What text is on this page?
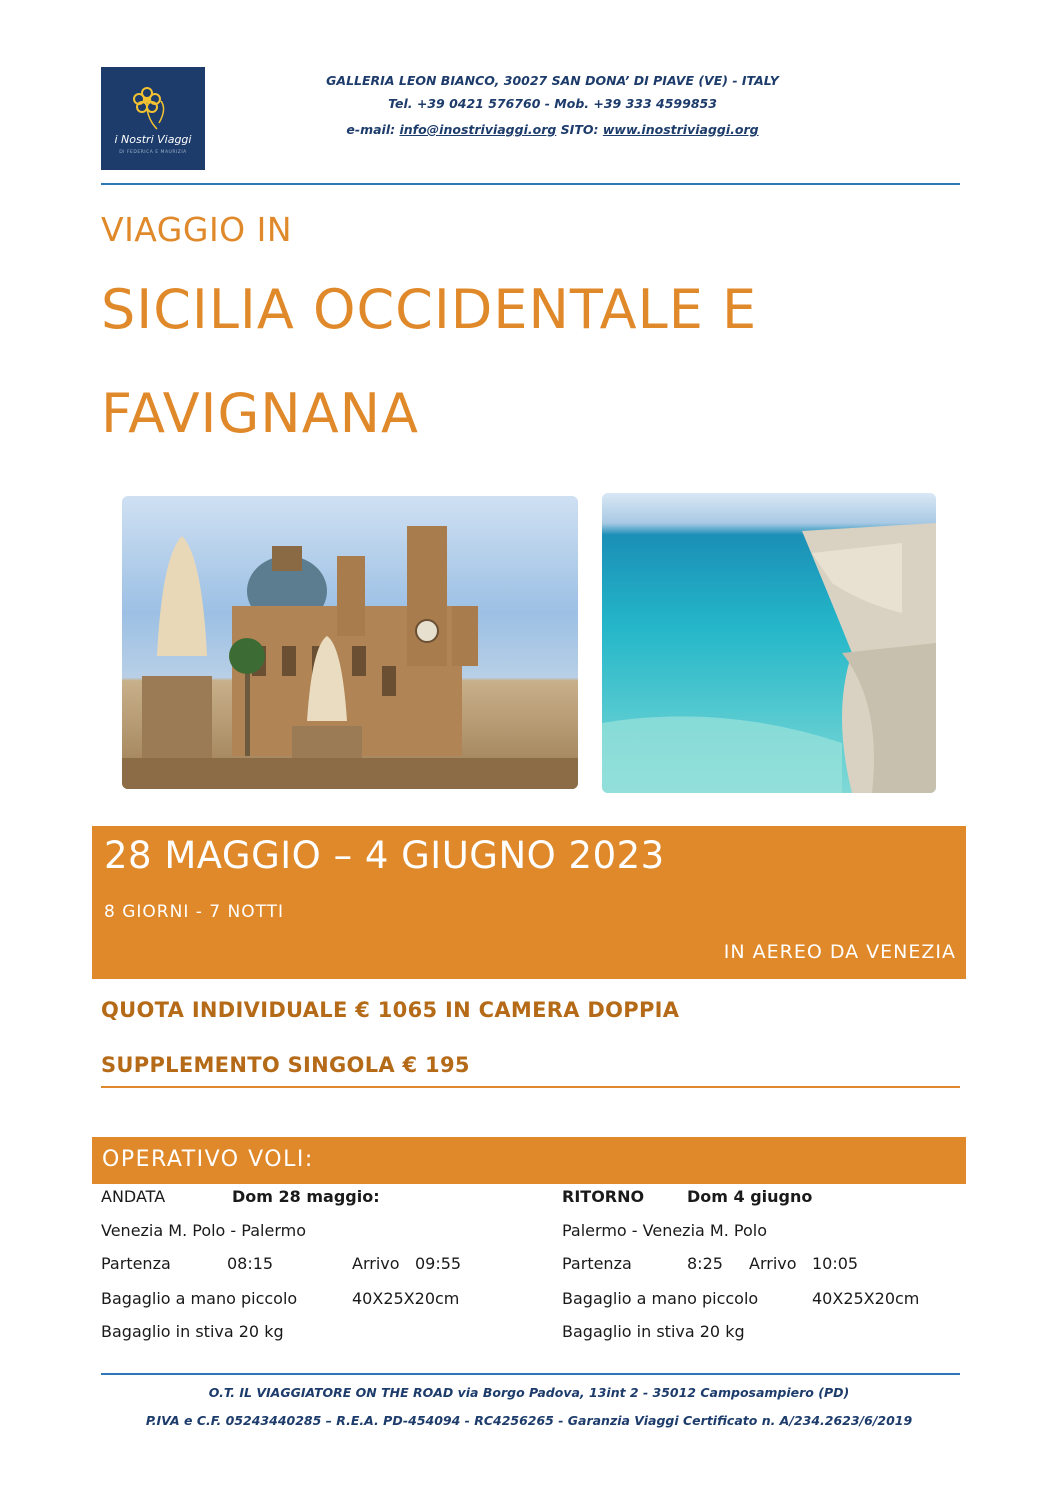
i Nostri Viaggi
DI FEDERICA E MAURIZIA
GALLERIA LEON BIANCO, 30027 SAN DONA’ DI PIAVE (VE) - ITALY
Tel. +39 0421 576760 - Mob. +39 333 4599853
e-mail: info@inostriviaggi.org SITO: www.inostriviaggi.org
VIAGGIO IN
SICILIA OCCIDENTALE E
FAVIGNANA
28 MAGGIO – 4 GIUGNO 2023
8 GIORNI - 7 NOTTI
IN AEREO DA VENEZIA
QUOTA INDIVIDUALE € 1065 IN CAMERA DOPPIA
SUPPLEMENTO SINGOLA € 195
OPERATIVO VOLI:
ANDATA	Dom 28 maggio:
Venezia M. Polo - Palermo
Partenza	08:15	Arrivo 09:55
Bagaglio a mano piccolo	40X25X20cm
Bagaglio in stiva 20 kg
RITORNO	Dom 4 giugno
Palermo - Venezia M. Polo
Partenza	8:25 Arrivo 10:05
Bagaglio a mano piccolo	40X25X20cm
Bagaglio in stiva 20 kg
O.T. IL VIAGGIATORE ON THE ROAD via Borgo Padova, 13int 2 - 35012 Camposampiero (PD)
P.IVA e C.F. 05243440285 – R.E.A. PD-454094 - RC4256265 - Garanzia Viaggi Certificato n. A/234.2623/6/2019
